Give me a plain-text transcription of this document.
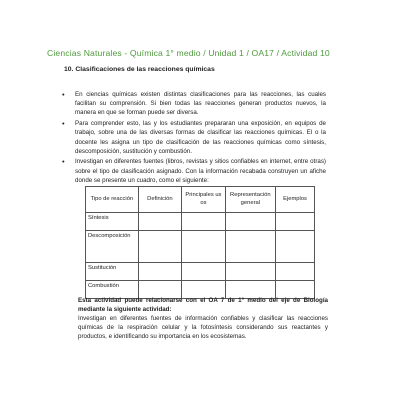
Ciencias Naturales - Química 1° medio / Unidad 1 / OA17 / Actividad 10
10. Clasificaciones de las reacciones químicas
• En ciencias químicas existen distintas clasificaciones para las reacciones, las cuales facilitan su comprensión. Si bien todas las reacciones generan productos nuevos, la manera en que se forman puede ser diversa.
• Para comprender esto, las y los estudiantes prepararan una exposición, en equipos de trabajo, sobre una de las diversas formas de clasificar las reacciones químicas. El o la docente les asigna un tipo de clasificación de las reacciones químicas como síntesis, descomposición, sustitución y combustión.
• Investigan en diferentes fuentes (libros, revistas y sitios confiables en internet, entre otras) sobre el tipo de clasificación asignado. Con la información recabada construyen un afiche donde se presente un cuadro, como el siguiente:
Tipo de reacción	Definición	Principales usos	Representación general	Ejemplos
Síntesis				
Descomposición				
Sustitución				
Combustión				
Esta actividad puede relacionarse con el OA 7 de 1° medio del eje de Biología mediante la siguiente actividad:
Investigan en diferentes fuentes de información confiables y clasificar las reacciones químicas de la respiración celular y la fotosíntesis considerando sus reactantes y productos, e identificando su importancia en los ecosistemas.
